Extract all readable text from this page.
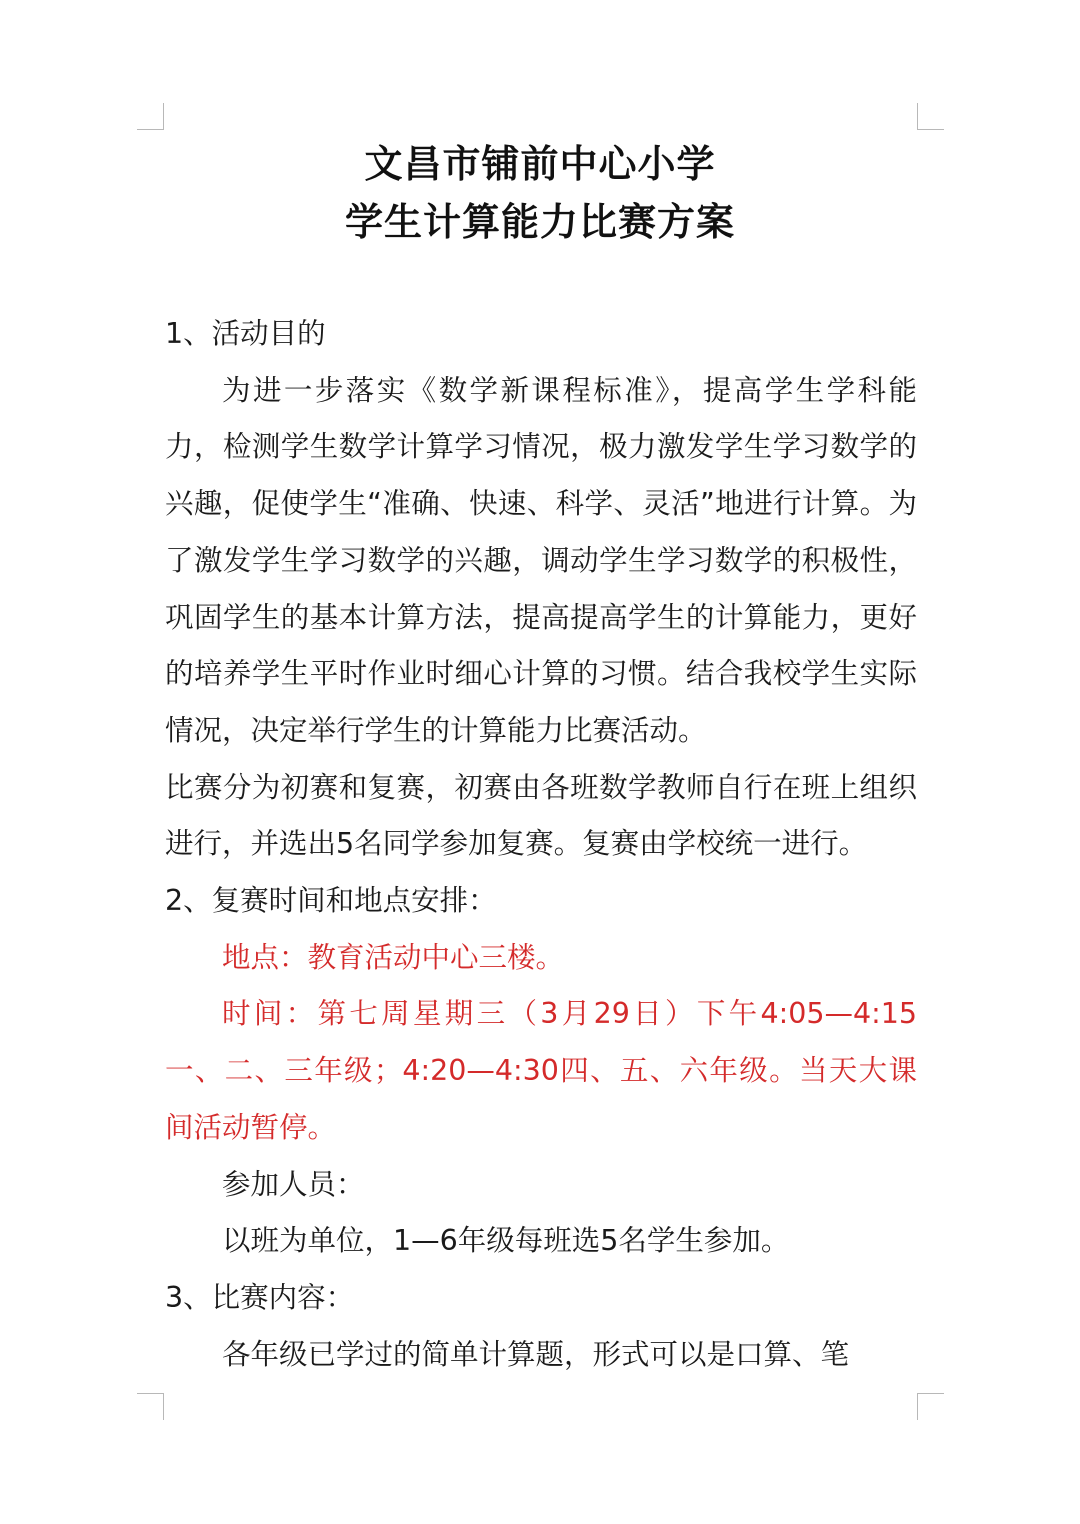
文昌市铺前中心小学
学生计算能力比赛方案

1、活动目的

为进一步落实《数学新课程标准》，提高学生学科能力，检测学生数学计算学习情况，极力激发学生学习数学的兴趣，促使学生“准确、快速、科学、灵活”地进行计算。为了激发学生学习数学的兴趣，调动学生学习数学的积极性，巩固学生的基本计算方法，提高提高学生的计算能力，更好的培养学生平时作业时细心计算的习惯。结合我校学生实际情况，决定举行学生的计算能力比赛活动。

比赛分为初赛和复赛，初赛由各班数学教师自行在班上组织进行，并选出5名同学参加复赛。复赛由学校统一进行。

2、复赛时间和地点安排：

地点：教育活动中心三楼。

时间：第七周星期三（3月29日）下午4:05—4:15一、二、三年级；4:20—4:30四、五、六年级。当天大课间活动暂停。

参加人员：

以班为单位，1—6年级每班选5名学生参加。

3、比赛内容：

各年级已学过的简单计算题，形式可以是口算、笔
